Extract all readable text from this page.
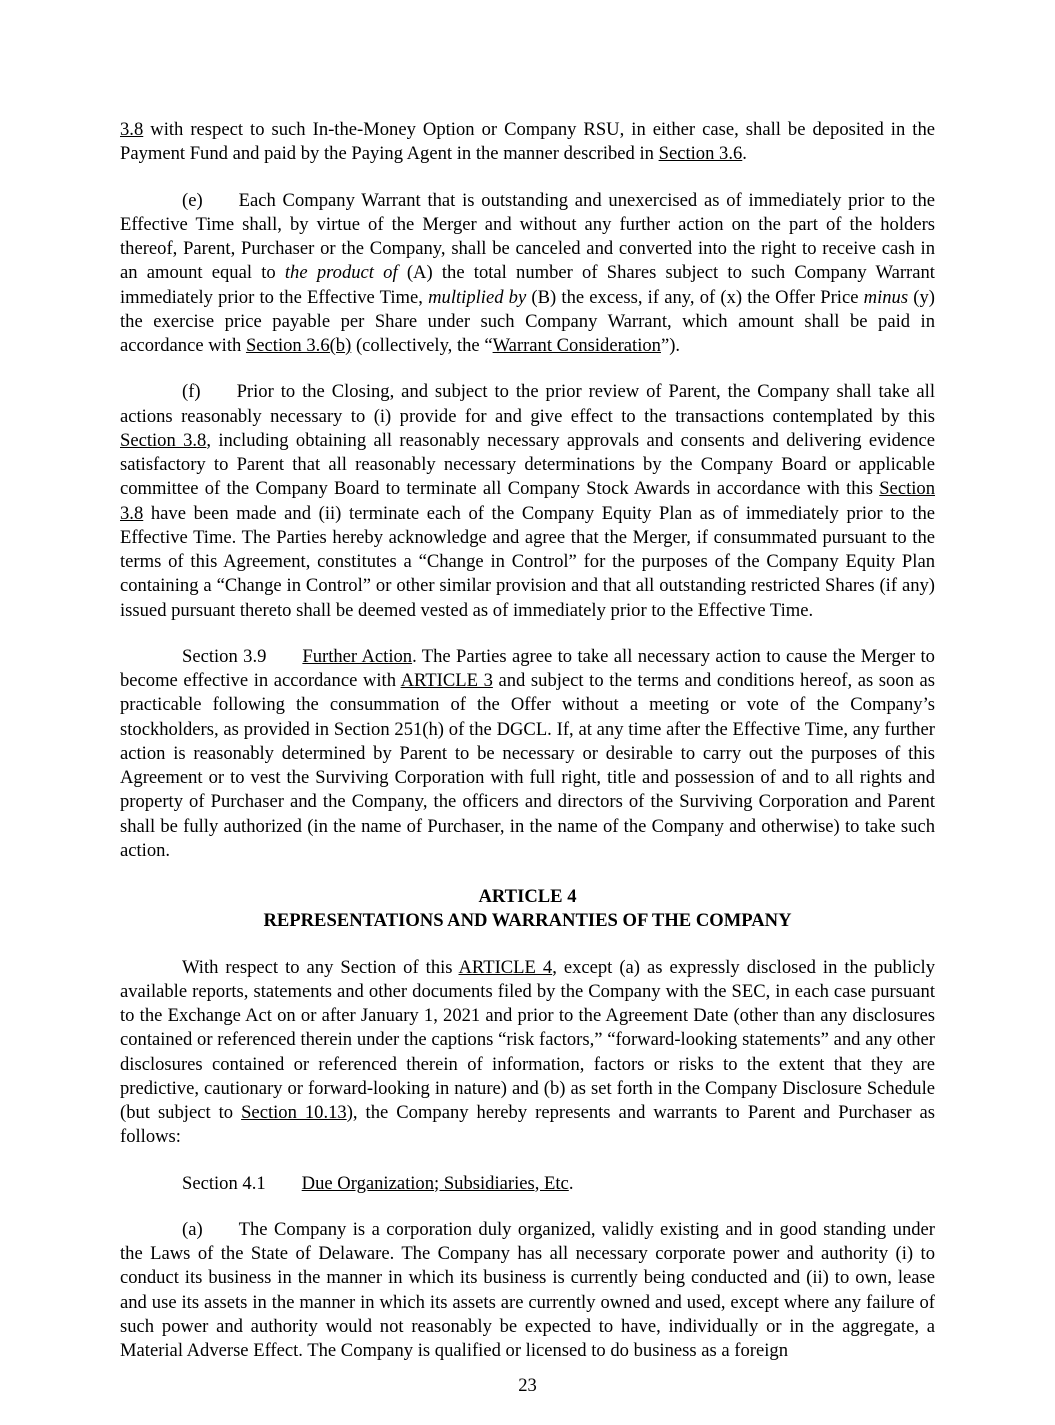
3.8 with respect to such In-the-Money Option or Company RSU, in either case, shall be deposited in the Payment Fund and paid by the Paying Agent in the manner described in Section 3.6.

(e) Each Company Warrant that is outstanding and unexercised as of immediately prior to the Effective Time shall, by virtue of the Merger and without any further action on the part of the holders thereof, Parent, Purchaser or the Company, shall be canceled and converted into the right to receive cash in an amount equal to the product of (A) the total number of Shares subject to such Company Warrant immediately prior to the Effective Time, multiplied by (B) the excess, if any, of (x) the Offer Price minus (y) the exercise price payable per Share under such Company Warrant, which amount shall be paid in accordance with Section 3.6(b) (collectively, the “Warrant Consideration”).

(f) Prior to the Closing, and subject to the prior review of Parent, the Company shall take all actions reasonably necessary to (i) provide for and give effect to the transactions contemplated by this Section 3.8, including obtaining all reasonably necessary approvals and consents and delivering evidence satisfactory to Parent that all reasonably necessary determinations by the Company Board or applicable committee of the Company Board to terminate all Company Stock Awards in accordance with this Section 3.8 have been made and (ii) terminate each of the Company Equity Plan as of immediately prior to the Effective Time. The Parties hereby acknowledge and agree that the Merger, if consummated pursuant to the terms of this Agreement, constitutes a “Change in Control” for the purposes of the Company Equity Plan containing a “Change in Control” or other similar provision and that all outstanding restricted Shares (if any) issued pursuant thereto shall be deemed vested as of immediately prior to the Effective Time.

Section 3.9 Further Action. The Parties agree to take all necessary action to cause the Merger to become effective in accordance with ARTICLE 3 and subject to the terms and conditions hereof, as soon as practicable following the consummation of the Offer without a meeting or vote of the Company’s stockholders, as provided in Section 251(h) of the DGCL. If, at any time after the Effective Time, any further action is reasonably determined by Parent to be necessary or desirable to carry out the purposes of this Agreement or to vest the Surviving Corporation with full right, title and possession of and to all rights and property of Purchaser and the Company, the officers and directors of the Surviving Corporation and Parent shall be fully authorized (in the name of Purchaser, in the name of the Company and otherwise) to take such action.

ARTICLE 4

REPRESENTATIONS AND WARRANTIES OF THE COMPANY

With respect to any Section of this ARTICLE 4, except (a) as expressly disclosed in the publicly available reports, statements and other documents filed by the Company with the SEC, in each case pursuant to the Exchange Act on or after January 1, 2021 and prior to the Agreement Date (other than any disclosures contained or referenced therein under the captions “risk factors,” “forward-looking statements” and any other disclosures contained or referenced therein of information, factors or risks to the extent that they are predictive, cautionary or forward-looking in nature) and (b) as set forth in the Company Disclosure Schedule (but subject to Section 10.13), the Company hereby represents and warrants to Parent and Purchaser as follows:

Section 4.1 Due Organization; Subsidiaries, Etc.

(a) The Company is a corporation duly organized, validly existing and in good standing under the Laws of the State of Delaware. The Company has all necessary corporate power and authority (i) to conduct its business in the manner in which its business is currently being conducted and (ii) to own, lease and use its assets in the manner in which its assets are currently owned and used, except where any failure of such power and authority would not reasonably be expected to have, individually or in the aggregate, a Material Adverse Effect. The Company is qualified or licensed to do business as a foreign

23
